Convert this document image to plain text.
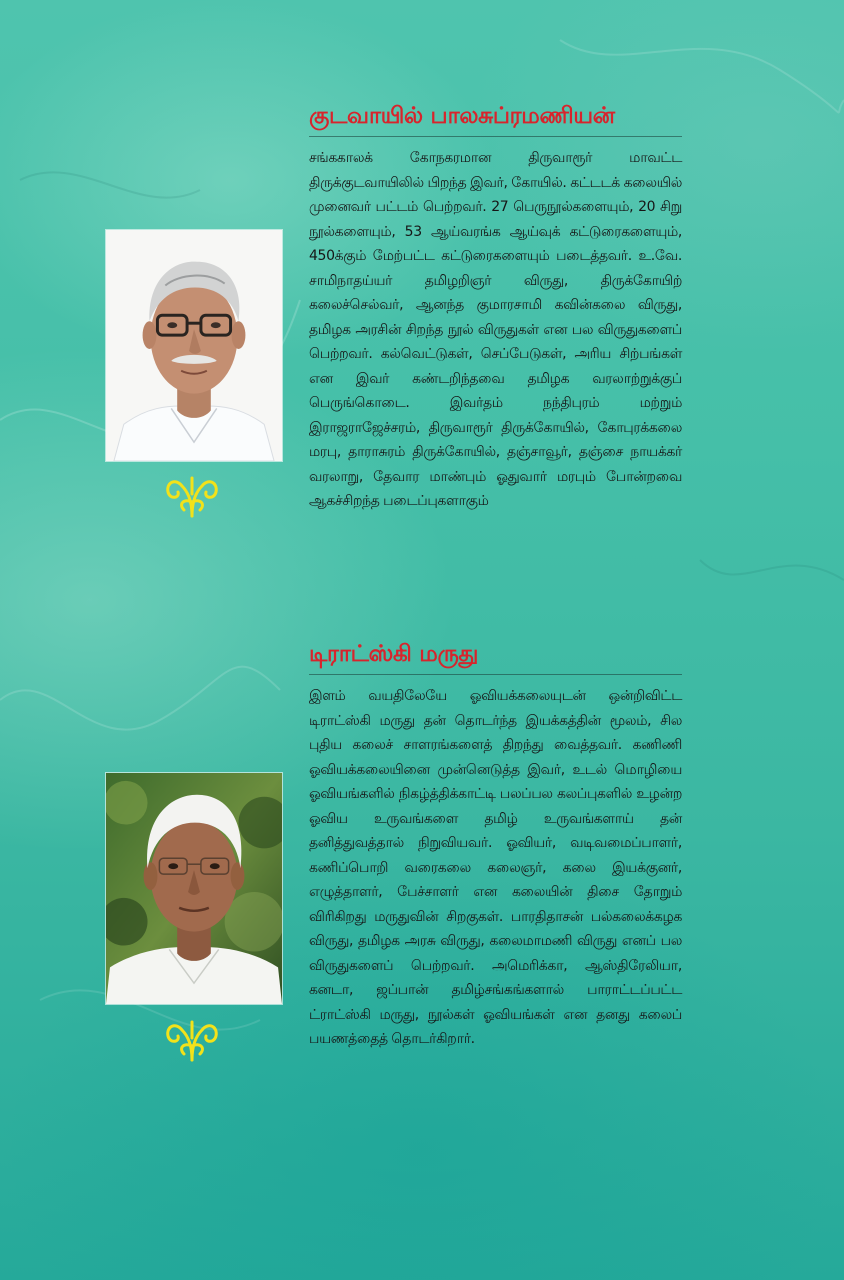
குடவாயில் பாலசுப்ரமணியன்

சங்ககாலக் கோநகரமான திருவாரூர் மாவட்ட திருக்குடவாயிலில் பிறந்த இவர், கோயில். கட்டடக் கலையில் முனைவர் பட்டம் பெற்றவர். 27 பெருநூல்களையும், 20 சிறு நூல்களையும், 53 ஆய்வரங்க ஆய்வுக் கட்டுரைகளையும், 450க்கும் மேற்பட்ட கட்டுரைகளையும் படைத்தவர். உ.வே. சாமிநாதய்யர் தமிழறிஞர் விருது, திருக்கோயிற் கலைச்செல்வர், ஆனந்த குமாரசாமி கவின்கலை விருது, தமிழக அரசின் சிறந்த நூல் விருதுகள் என பல விருதுகளைப் பெற்றவர். கல்வெட்டுகள், செப்பேடுகள், அரிய சிற்பங்கள் என இவர் கண்டறிந்தவை தமிழக வரலாற்றுக்குப் பெருங்கொடை. இவர்தம் நந்திபுரம் மற்றும் இராஜராஜேச்சரம், திருவாரூர் திருக்கோயில், கோபுரக்கலை மரபு, தாராசுரம் திருக்கோயில், தஞ்சாவூர், தஞ்சை நாயக்கர் வரலாறு, தேவார மாண்பும் ஓதுவார் மரபும் போன்றவை ஆகச்சிறந்த படைப்புகளாகும்

டிராட்ஸ்கி மருது

இளம் வயதிலேயே ஓவியக்கலையுடன் ஒன்றிவிட்ட டிராட்ஸ்கி மருது தன் தொடர்ந்த இயக்கத்தின் மூலம், சில புதிய கலைச் சாளரங்களைத் திறந்து வைத்தவர். கணிணி ஓவியக்கலையினை முன்னெடுத்த இவர், உடல் மொழியை ஓவியங்களில் நிகழ்த்திக்காட்டி பலப்பல கலப்புகளில் உழன்ற ஓவிய உருவங்களை தமிழ் உருவங்களாய் தன் தனித்துவத்தால் நிறுவியவர். ஓவியர், வடிவமைப்பாளர், கணிப்பொறி வரைகலை கலைஞர், கலை இயக்குனர், எழுத்தாளர், பேச்சாளர் என கலையின் திசை தோறும் விரிகிறது மருதுவின் சிறகுகள். பாரதிதாசன் பல்கலைக்கழக விருது, தமிழக அரசு விருது, கலைமாமணி விருது எனப் பல விருதுகளைப் பெற்றவர். அமெரிக்கா, ஆஸ்திரேலியா, கனடா, ஜப்பான் தமிழ்சங்கங்களால் பாராட்டப்பட்ட ட்ராட்ஸ்கி மருது, நூல்கள் ஓவியங்கள் என தனது கலைப் பயணத்தைத் தொடர்கிறார்.
